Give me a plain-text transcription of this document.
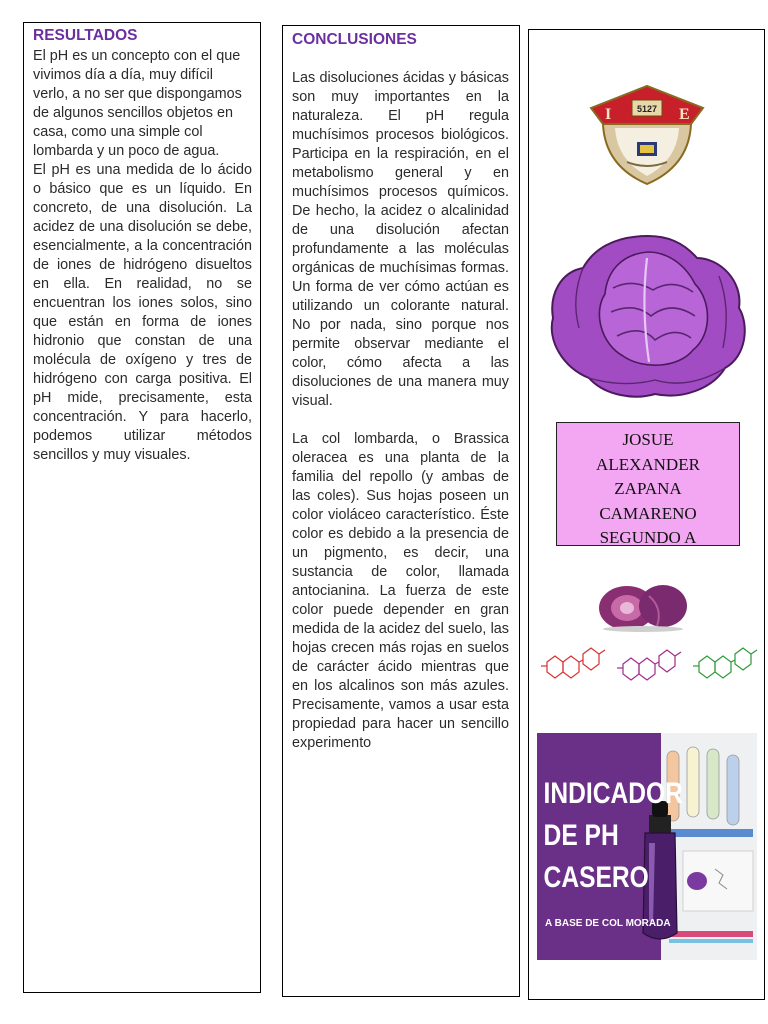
RESULTADOS

El pH es un concepto con el que vivimos día a día, muy difícil verlo, a no ser que dispongamos de algunos sencillos objetos en casa, como una simple col lombarda y un poco de agua.

El pH es una medida de lo ácido o básico que es un líquido. En concreto, de una disolución. La acidez de una disolución se debe, esencialmente, a la concentración de iones de hidrógeno disueltos en ella. En realidad, no se encuentran los iones solos, sino que están en forma de iones hidronio que constan de una molécula de oxígeno y tres de hidrógeno con carga positiva. El pH mide, precisamente, esta concentración. Y para hacerlo, podemos utilizar métodos sencillos y muy visuales.

CONCLUSIONES

Las disoluciones ácidas y básicas son muy importantes en la naturaleza. El pH regula muchísimos procesos biológicos. Participa en la respiración, en el metabolismo general y en muchísimos procesos químicos. De hecho, la acidez o alcalinidad de una disolución afectan profundamente a las moléculas orgánicas de muchísimas formas. Un forma de ver cómo actúan es utilizando un colorante natural. No por nada, sino porque nos permite observar mediante el color, cómo afecta a las disoluciones de una manera muy visual.

La col lombarda, o Brassica oleracea es una planta de la familia del repollo (y ambas de las coles). Sus hojas poseen un color violáceo característico. Éste color es debido a la presencia de un pigmento, es decir, una sustancia de color, llamada antocianina. La fuerza de este color puede depender en gran medida de la acidez del suelo, las hojas crecen más rojas en suelos de carácter ácido mientras que en los alcalinos son más azules. Precisamente, vamos a usar esta propiedad para hacer un sencillo experimento

I	E
5127
JOSUE
ALEXANDER
ZAPANA
CAMARENO
SEGUNDO A
INDICADOR
DE PH
CASERO
A BASE DE COL MORADA
